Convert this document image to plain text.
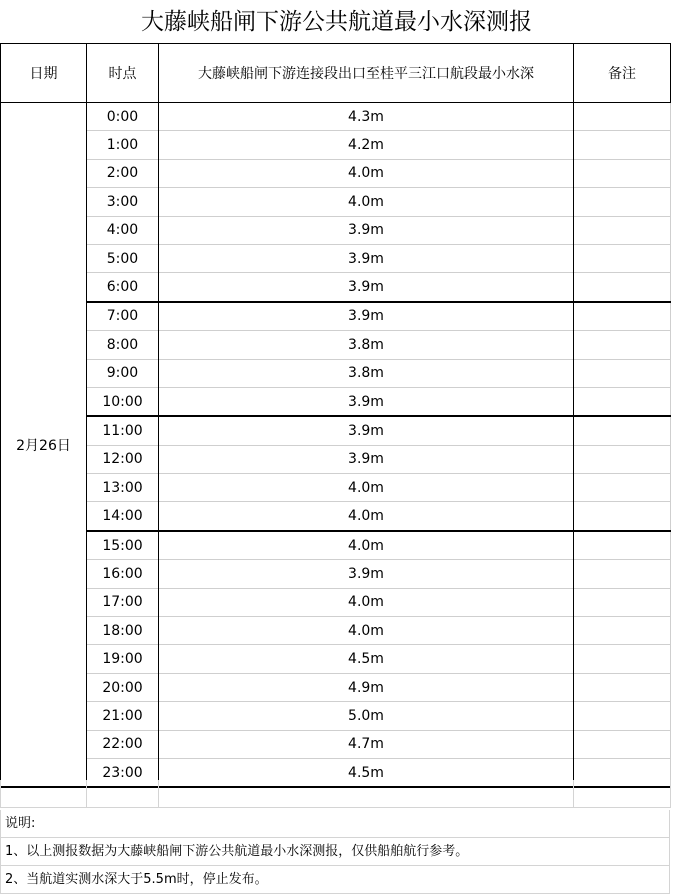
大藤峡船闸下游公共航道最小水深测报
日期	时点	大藤峡船闸下游连接段出口至桂平三江口航段最小水深	备注
2月26日	0:00	4.3m	
	1:00	4.2m	
	2:00	4.0m	
	3:00	4.0m	
	4:00	3.9m	
	5:00	3.9m	
	6:00	3.9m	
	7:00	3.9m	
	8:00	3.8m	
	9:00	3.8m	
	10:00	3.9m	
	11:00	3.9m	
	12:00	3.9m	
	13:00	4.0m	
	14:00	4.0m	
	15:00	4.0m	
	16:00	3.9m	
	17:00	4.0m	
	18:00	4.0m	
	19:00	4.5m	
	20:00	4.9m	
	21:00	5.0m	
	22:00	4.7m	
	23:00	4.5m	

说明:
1、以上测报数据为大藤峡船闸下游公共航道最小水深测报，仅供船舶航行参考。
2、当航道实测水深大于5.5m时，停止发布。
